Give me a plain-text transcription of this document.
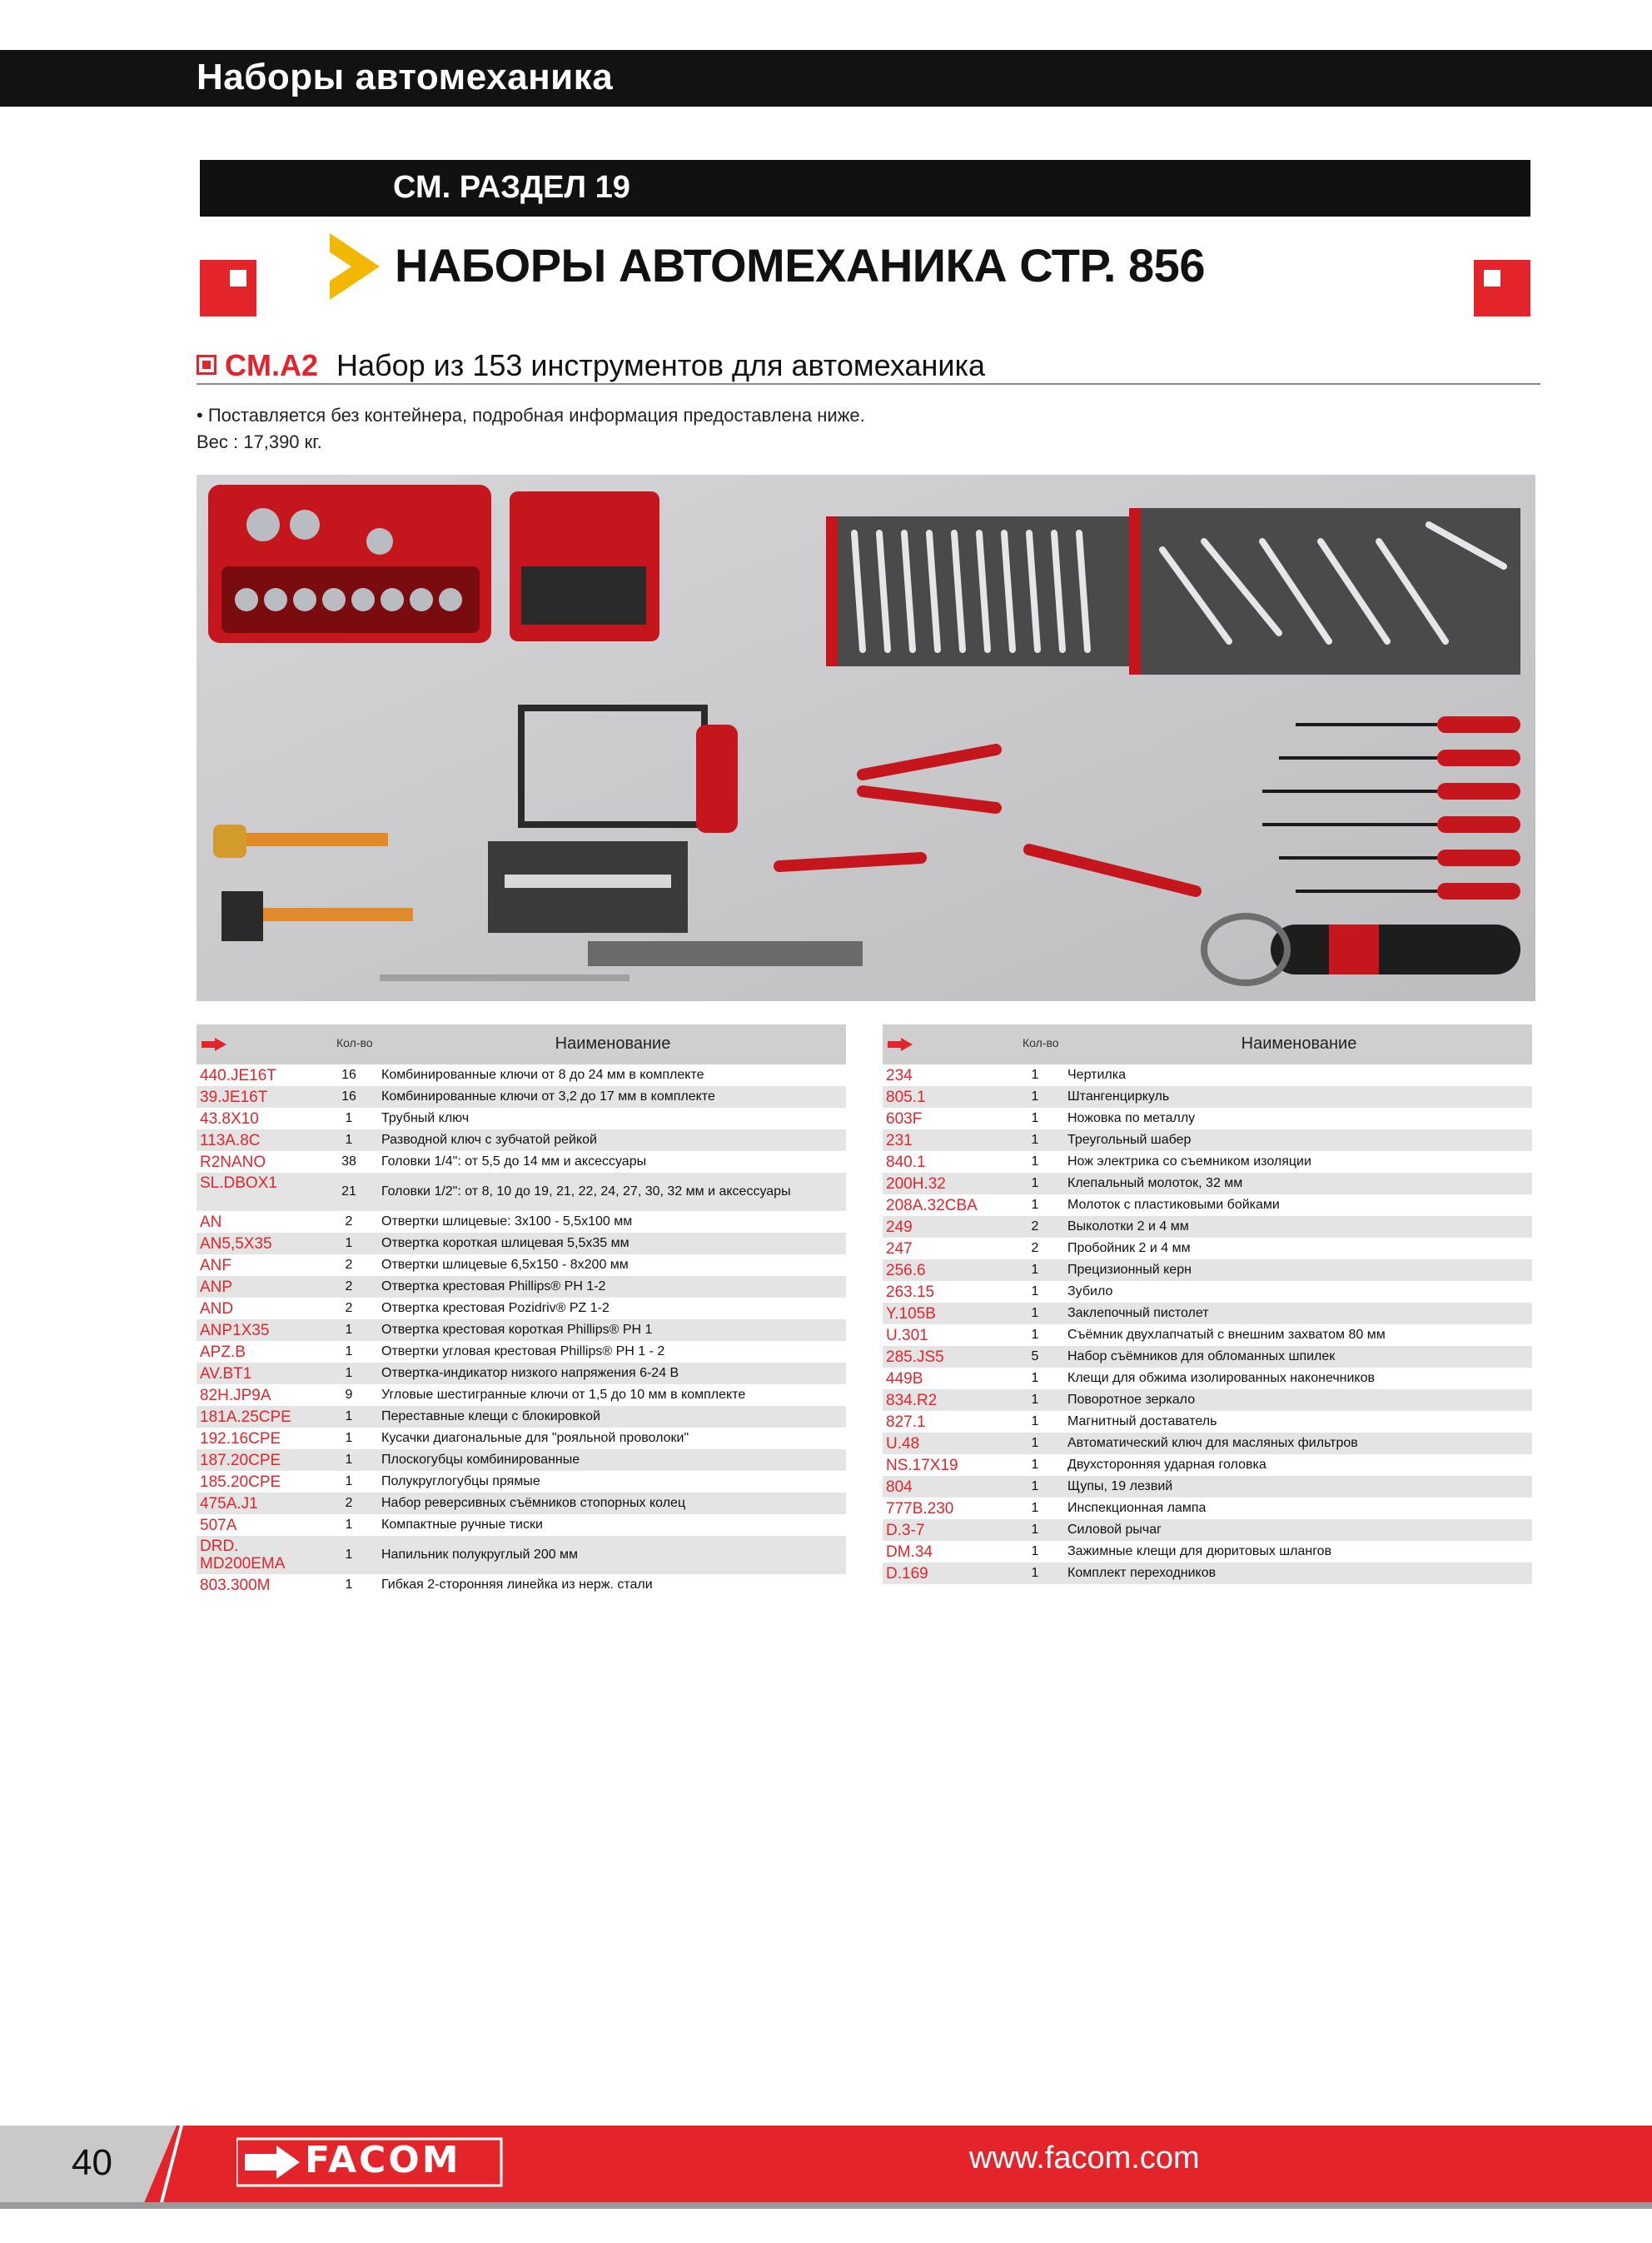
Наборы автомеханика
СМ. РАЗДЕЛ 19
НАБОРЫ АВТОМЕХАНИКА СТР. 856
CM.A2 Набор из 153 инструментов для автомеханика
• Поставляется без контейнера, подробная информация предоставлена ниже.
Вес : 17,390 кг.
Кол-во	Наименование
440.JE16T	16	Комбинированные ключи от 8 до 24 мм в комплекте
39.JE16T	16	Комбинированные ключи от 3,2 до 17 мм в комплекте
43.8X10	1	Трубный ключ
113A.8C	1	Разводной ключ с зубчатой рейкой
R2NANO	38	Головки 1/4": от 5,5 до 14 мм и аксессуары
SL.DBOX1	21	Головки 1/2": от 8, 10 до 19, 21, 22, 24, 27, 30, 32 мм и аксессуары
AN	2	Отвертки шлицевые: 3x100 - 5,5x100 мм
AN5,5X35	1	Отвертка короткая шлицевая 5,5x35 мм
ANF	2	Отвертки шлицевые 6,5x150 - 8x200 мм
ANP	2	Отвертка крестовая Phillips® PH 1-2
AND	2	Отвертка крестовая Pozidriv® PZ 1-2
ANP1X35	1	Отвертка крестовая короткая Phillips® PH 1
APZ.B	1	Отвертки угловая крестовая Phillips® PH 1 - 2
AV.BT1	1	Отвертка-индикатор низкого напряжения 6-24 В
82H.JP9A	9	Угловые шестигранные ключи от 1,5 до 10 мм в комплекте
181A.25CPE	1	Переставные клещи с блокировкой
192.16CPE	1	Кусачки диагональные для "рояльной проволоки"
187.20CPE	1	Плоскогубцы комбинированные
185.20CPE	1	Полукруглогубцы прямые
475A.J1	2	Набор реверсивных съёмников стопорных колец
507A	1	Компактные ручные тиски
DRD.
MD200EMA
1	Напильник полукруглый 200 мм
803.300M	1	Гибкая 2-сторонняя линейка из нерж. стали
Кол-во	Наименование
234	1	Чертилка
805.1	1	Штангенциркуль
603F	1	Ножовка по металлу
231	1	Треугольный шабер
840.1	1	Нож электрика со съемником изоляции
200H.32	1	Клепальный молоток, 32 мм
208A.32CBA	1	Молоток с пластиковыми бойками
249	2	Выколотки 2 и 4 мм
247	2	Пробойник 2 и 4 мм
256.6	1	Прецизионный керн
263.15	1	Зубило
Y.105B	1	Заклепочный пистолет
U.301	1	Съёмник двухлапчатый с внешним захватом 80 мм
285.JS5	5	Набор съёмников для обломанных шпилек
449B	1	Клещи для обжима изолированных наконечников
834.R2	1	Поворотное зеркало
827.1	1	Магнитный доставатель
U.48	1	Автоматический ключ для масляных фильтров
NS.17X19	1	Двухсторонняя ударная головка
804	1	Щупы, 19 лезвий
777B.230	1	Инспекционная лампа
D.3-7	1	Силовой рычаг
DM.34	1	Зажимные клещи для дюритовых шлангов
D.169	1	Комплект переходников
40	FACOM	www.facom.com
